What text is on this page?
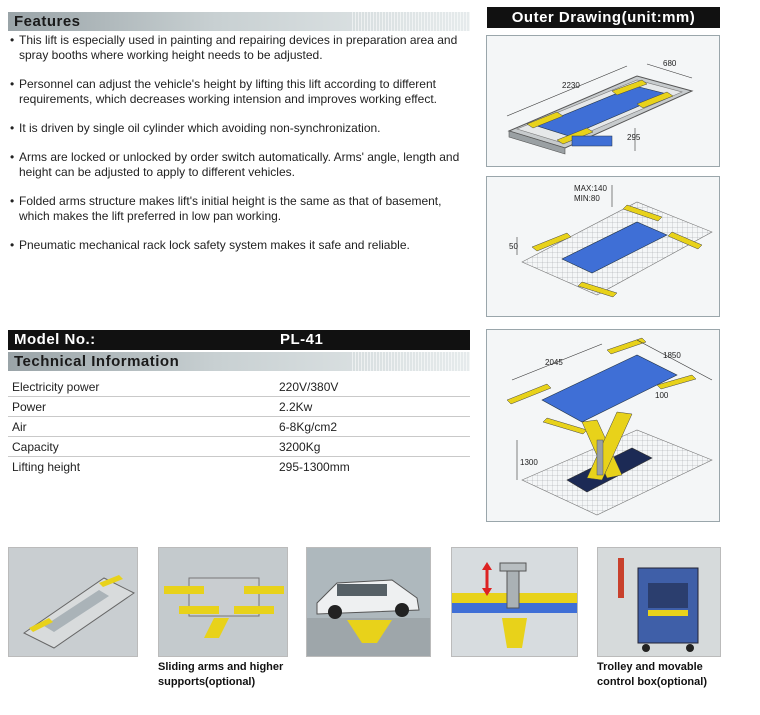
Features
• This lift is especially used in painting and repairing devices in preparation area and spray booths where working height needs to be adjusted.
• Personnel can adjust the vehicle's height by lifting this lift according to different requirements, which decreases working intension and improves working effect.
• It is driven by single oil cylinder which avoiding non-synchronization.
• Arms are locked or unlocked by order switch automatically. Arms' angle, length and height can be adjusted to apply to different vehicles.
• Folded arms structure makes lift's initial height is the same as that of basement, which makes the lift preferred in low pan working.
• Pneumatic mechanical rack lock safety system makes it safe and reliable.
Model No.:	PL-41
Technical Information
Electricity power	220V/380V
Power	2.2Kw
Air	6-8Kg/cm2
Capacity	3200Kg
Lifting height	295-1300mm
Outer Drawing(unit:mm)
2230
680
295
MAX:140
MIN:80
50
2045
1850
100
1300
Sliding arms and higher
supports(optional)
Trolley and movable
control box(optional)
